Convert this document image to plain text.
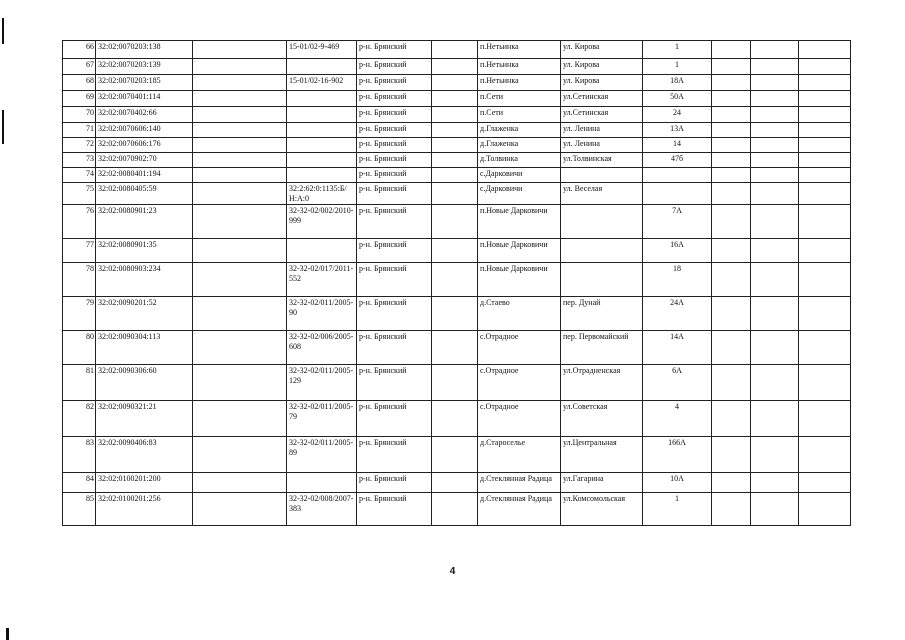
66	32:02:0070203:138		15-01/02-9-469	р-н. Брянский		п.Нетьинка	ул. Кирова	1			
67	32:02:0070203:139			р-н. Брянский		п.Нетьинка	ул. Кирова	1			
68	32:02:0070203:185		15-01/02-16-902	р-н. Брянский		п.Нетьинка	ул. Кирова	18А			
69	32:02:0070401:114			р-н. Брянский		п.Сети	ул.Сетинская	50А			
70	32:02:0070402:66			р-н. Брянский		п.Сети	ул.Сетинская	24			
71	32:02:0070606:140			р-н. Брянский		д.Глаженка	ул. Ленина	13А			
72	32:02:0070606:176			р-н. Брянский		д.Глаженка	ул. Ленина	14			
73	32:02:0070902:70			р-н. Брянский		д.Толвинка	ул.Толвинская	47б			
74	32:02:0080401:194			р-н. Брянский		с.Дарковичи					
75	32:02:0080405:59		32:2:62:0:1135:Б/Н:А:0	р-н. Брянский		с.Дарковичи	ул. Веселая				
76	32:02:0080901:23		32-32-02/002/2010-999	р-н. Брянский		п.Новые Дарковичи		7А			
77	32:02:0080901:35			р-н. Брянский		п.Новые Дарковичи		16А			
78	32:02:0080903:234		32-32-02/017/2011-552	р-н. Брянский		п.Новые Дарковичи		18			
79	32:02:0090201:52		32-32-02/011/2005-90	р-н. Брянский		д.Стаево	пер. Дунай	24А			
80	32:02:0090304:113		32-32-02/006/2005-608	р-н. Брянский		с.Отрадное	пер. Первомайский	14А			
81	32:02:0090306:60		32-32-02/011/2005-129	р-н. Брянский		с.Отрадное	ул.Отрадненская	6А			
82	32:02:0090321:21		32-32-02/011/2005-79	р-н. Брянский		с.Отрадное	ул.Советская	4			
83	32:02:0090406:83		32-32-02/011/2005-89	р-н. Брянский		д.Староселье	ул.Центральная	166А			
84	32:02:0100201:200			р-н. Брянский		д.Стеклянная Радица	ул.Гагарина	10А			
85	32:02:0100201:256		32-32-02/008/2007-383	р-н. Брянский		д.Стеклянная Радица	ул.Комсомольская	1			
4
